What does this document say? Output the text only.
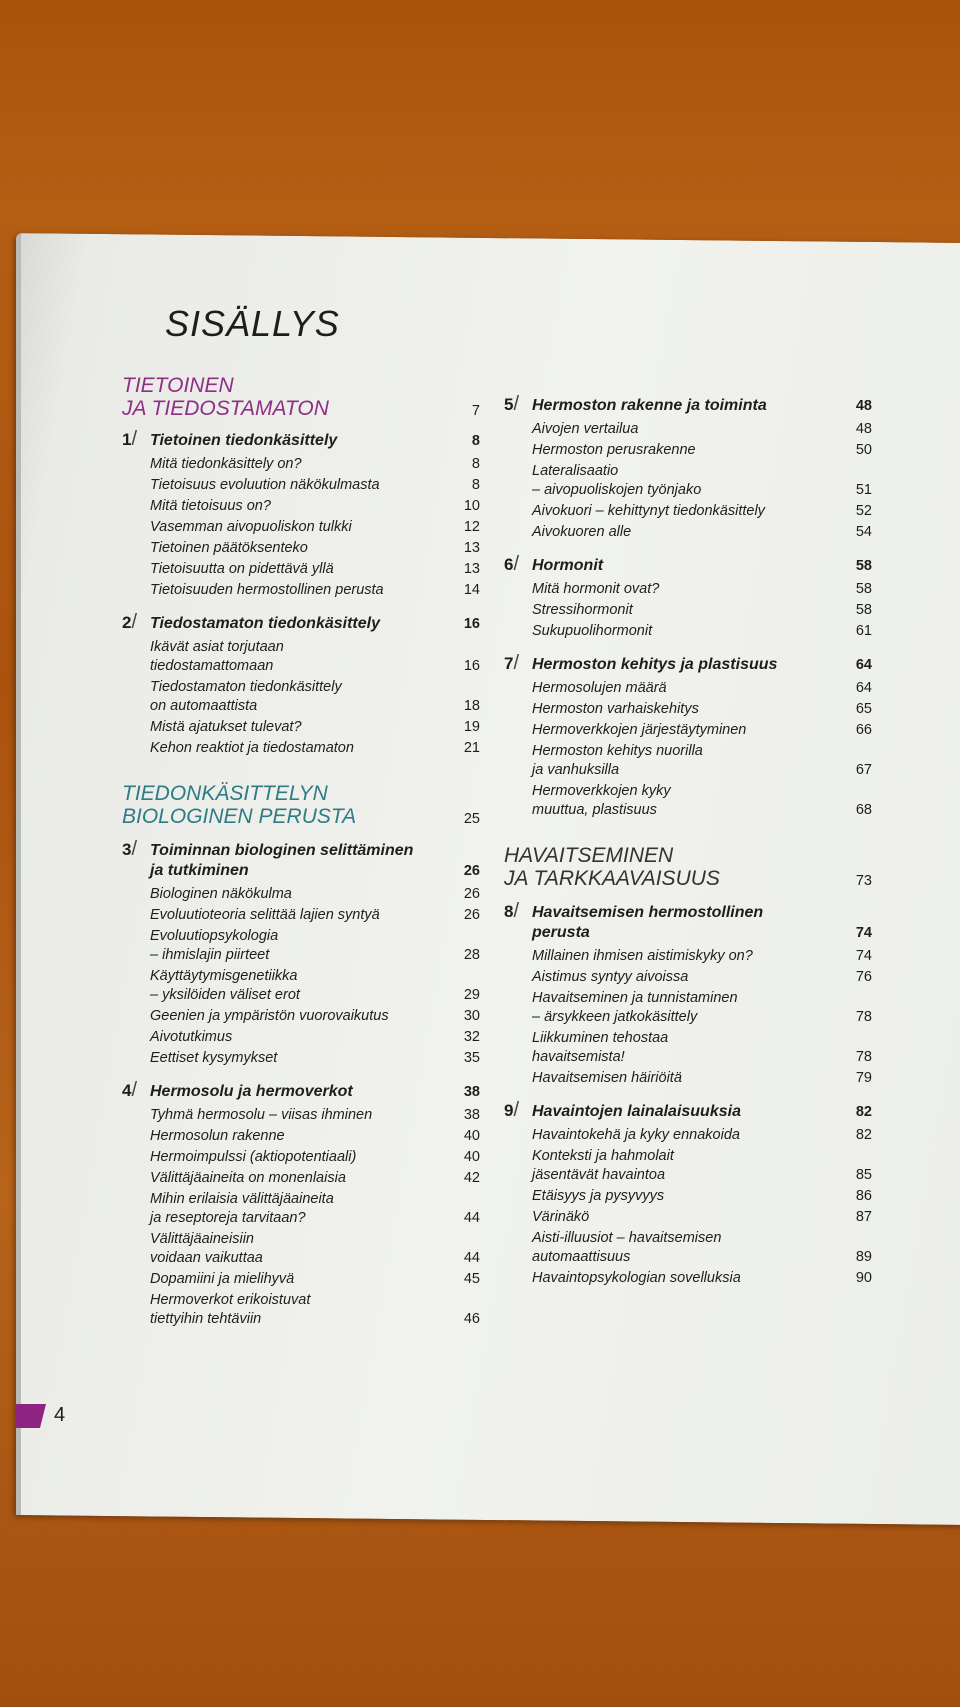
SISÄLLYS
TIETOINEN
JA TIEDOSTAMATON	7
1/ Tietoinen tiedonkäsittely	8
Mitä tiedonkäsittely on?	8
Tietoisuus evoluution näkökulmasta	8
Mitä tietoisuus on?	10
Vasemman aivopuoliskon tulkki	12
Tietoinen päätöksenteko	13
Tietoisuutta on pidettävä yllä	13
Tietoisuuden hermostollinen perusta	14
2/ Tiedostamaton tiedonkäsittely	16
Ikävät asiat torjutaan
tiedostamattomaan	16
Tiedostamaton tiedonkäsittely
on automaattista	18
Mistä ajatukset tulevat?	19
Kehon reaktiot ja tiedostamaton	21
TIEDONKÄSITTELYN
BIOLOGINEN PERUSTA	25
3/ Toiminnan biologinen selittäminen
ja tutkiminen	26
Biologinen näkökulma	26
Evoluutioteoria selittää lajien syntyä	26
Evoluutiopsykologia
– ihmislajin piirteet	28
Käyttäytymisgenetiikka
– yksilöiden väliset erot	29
Geenien ja ympäristön vuorovaikutus	30
Aivotutkimus	32
Eettiset kysymykset	35
4/ Hermosolu ja hermoverkot	38
Tyhmä hermosolu – viisas ihminen	38
Hermosolun rakenne	40
Hermoimpulssi (aktiopotentiaali)	40
Välittäjäaineita on monenlaisia	42
Mihin erilaisia välittäjäaineita
ja reseptoreja tarvitaan?	44
Välittäjäaineisiin
voidaan vaikuttaa	44
Dopamiini ja mielihyvä	45
Hermoverkot erikoistuvat
tiettyihin tehtäviin	46
5/ Hermoston rakenne ja toiminta	48
Aivojen vertailua	48
Hermoston perusrakenne	50
Lateralisaatio
– aivopuoliskojen työnjako	51
Aivokuori – kehittynyt tiedonkäsittely	52
Aivokuoren alle	54
6/ Hormonit	58
Mitä hormonit ovat?	58
Stressihormonit	58
Sukupuolihormonit	61
7/ Hermoston kehitys ja plastisuus	64
Hermosolujen määrä	64
Hermoston varhaiskehitys	65
Hermoverkkojen järjestäytyminen	66
Hermoston kehitys nuorilla
ja vanhuksilla	67
Hermoverkkojen kyky
muuttua, plastisuus	68
HAVAITSEMINEN
JA TARKKAAVAISUUS	73
8/ Havaitsemisen hermostollinen
perusta	74
Millainen ihmisen aistimiskyky on?	74
Aistimus syntyy aivoissa	76
Havaitseminen ja tunnistaminen
– ärsykkeen jatkokäsittely	78
Liikkuminen tehostaa
havaitsemista!	78
Havaitsemisen häiriöitä	79
9/ Havaintojen lainalaisuuksia	82
Havaintokehä ja kyky ennakoida	82
Konteksti ja hahmolait
jäsentävät havaintoa	85
Etäisyys ja pysyvyys	86
Värinäkö	87
Aisti-illuusiot – havaitsemisen
automaattisuus	89
Havaintopsykologian sovelluksia	90
4
